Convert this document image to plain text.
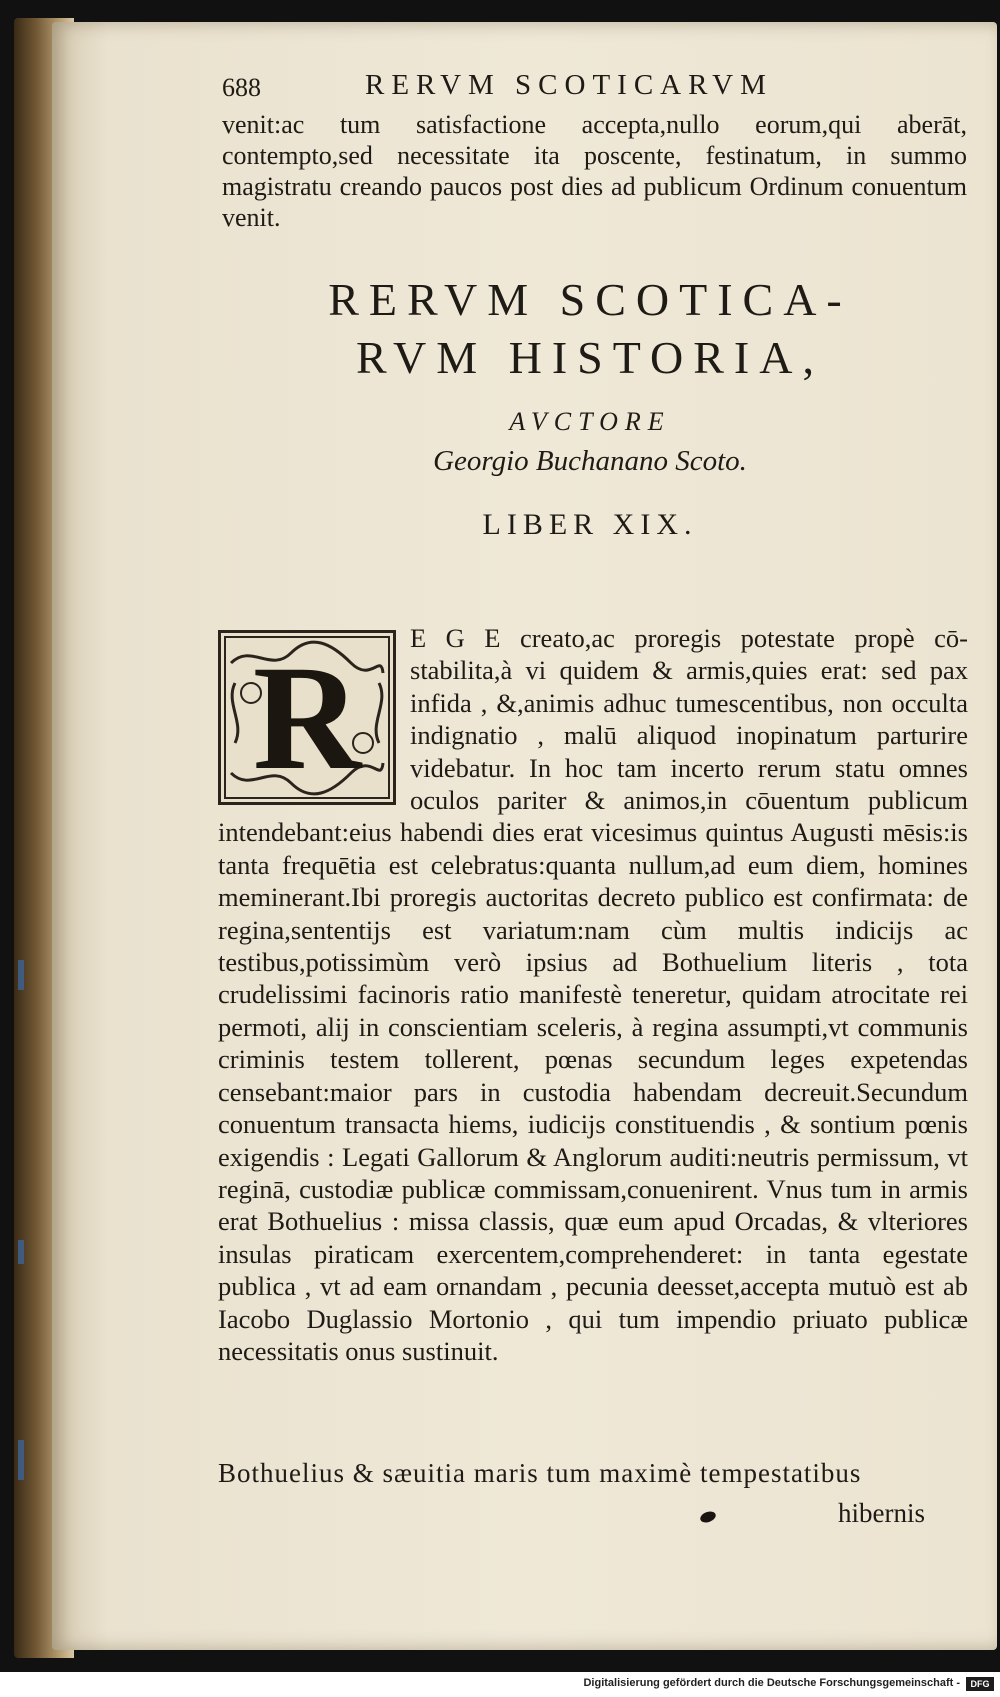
688	RERVM SCOTICARVM

venit:ac tum satisfactione accepta,nullo eorum,qui aberāt, contempto,sed necessitate ita poscente, festinatum, in summo magistratu creando paucos post dies ad publicum Ordinum conuentum venit.

RERVM SCOTICA-

RVM HISTORIA,

AVCTORE
Georgio Buchanano Scoto.
LIBER XIX.
R	E G E creato,ac proregis potestate propè cō-stabilita,à vi quidem & armis,quies erat: sed pax infida , &,animis adhuc tumescentibus, non occulta indignatio , malū aliquod inopinatum parturire videbatur. In hoc tam incerto rerum statu omnes oculos pariter & animos,in cōuentum publicum intendebant:eius habendi dies erat vicesimus quintus Augusti mēsis:is tanta frequētia est celebratus:quanta nullum,ad eum diem, homines meminerant.Ibi proregis auctoritas decreto publico est confirmata: de regina,sententijs est variatum:nam cùm multis indicijs ac testibus,potissimùm verò ipsius ad Bothuelium literis , tota crudelissimi facinoris ratio manifestè teneretur, quidam atrocitate rei permoti, alij in conscientiam sceleris, à regina assumpti,vt communis criminis testem tollerent, pœnas secundum leges expetendas censebant:maior pars in custodia habendam decreuit.Secundum conuentum transacta hiems, iudicijs constituendis , & sontium pœnis exigendis : Legati Gallorum & Anglorum auditi:neutris permissum, vt reginā, custodiæ publicæ commissam,conuenirent. Vnus tum in armis erat Bothuelius : missa classis, quæ eum apud Orcadas, & vlteriores insulas piraticam exercentem,comprehenderet: in tanta egestate publica , vt ad eam ornandam , pecunia deesset,accepta mutuò est ab Iacobo Duglassio Mortonio , qui tum impendio priuato publicæ necessitatis onus sustinuit.
Bothuelius & sæuitia maris tum maximè tempestatibus
hibernis
Digitalisierung gefördert durch die Deutsche Forschungsgemeinschaft -	DFG
